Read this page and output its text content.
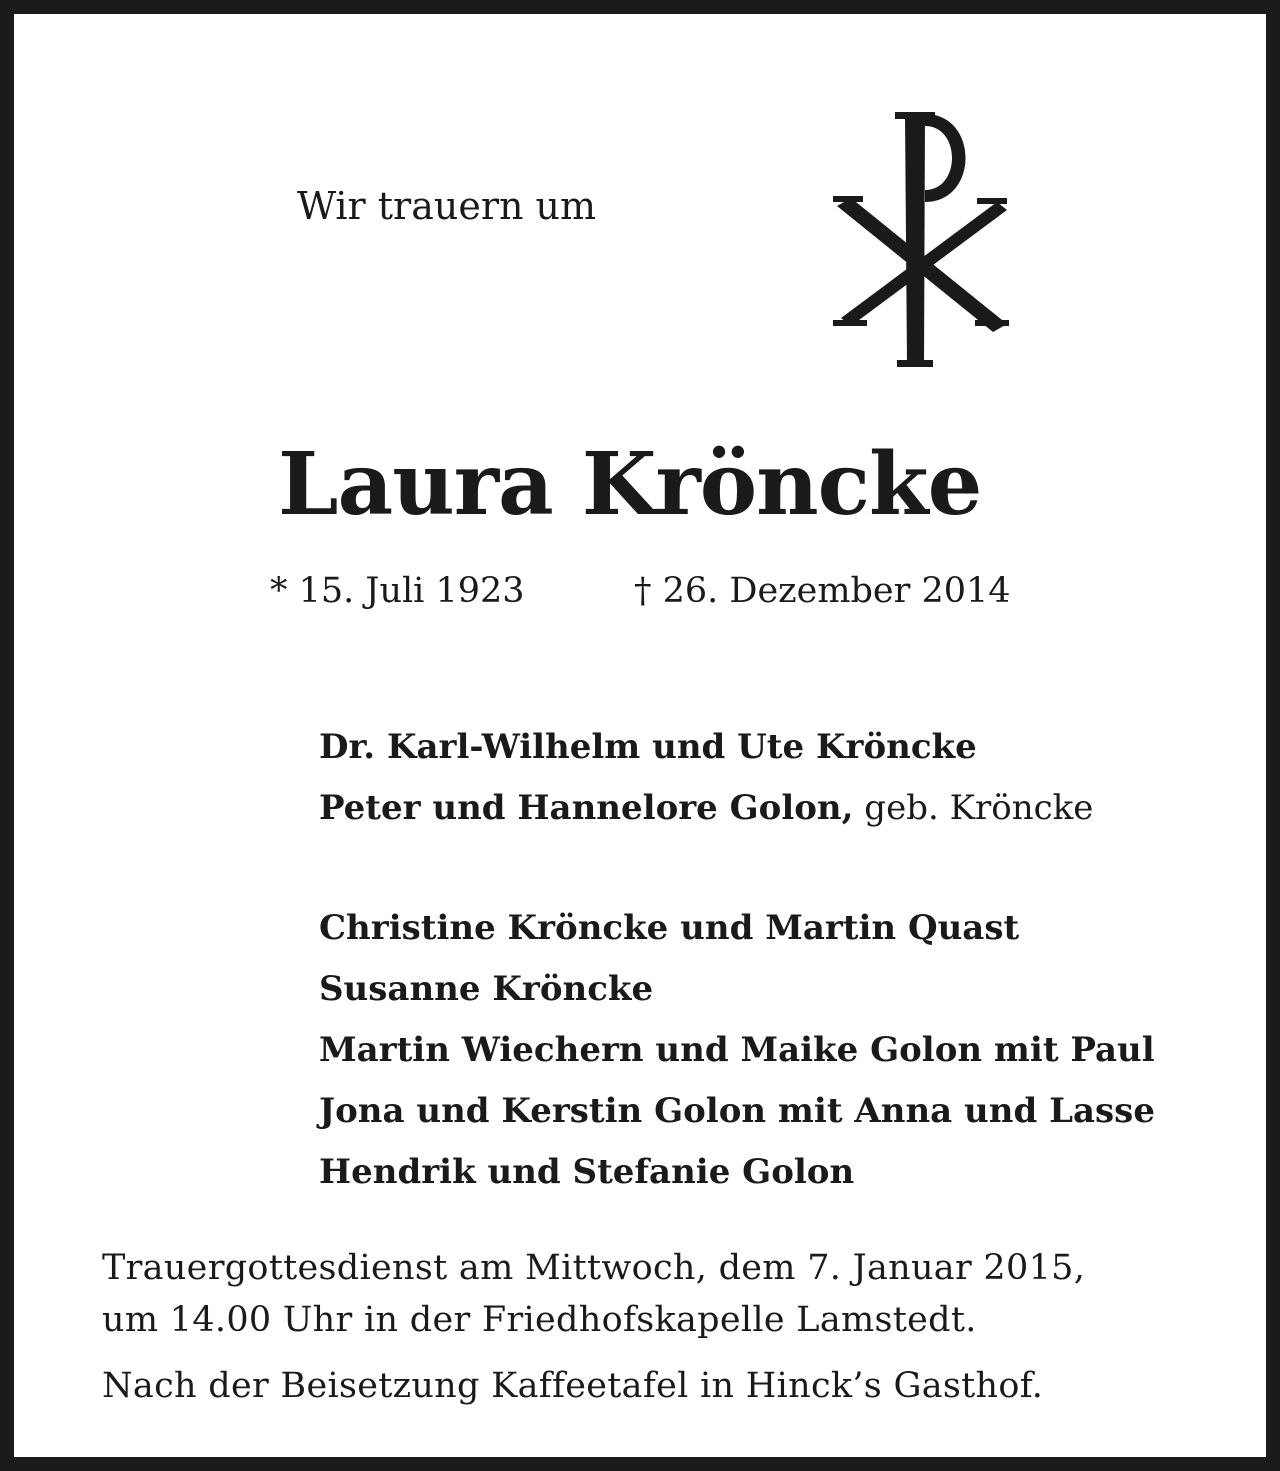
Wir trauern um
Laura Kröncke
* 15. Juli 1923	† 26. Dezember 2014
Dr. Karl-Wilhelm und Ute Kröncke
Peter und Hannelore Golon, geb. Kröncke
Christine Kröncke und Martin Quast
Susanne Kröncke
Martin Wiechern und Maike Golon mit Paul
Jona und Kerstin Golon mit Anna und Lasse
Hendrik und Stefanie Golon
Trauergottesdienst am Mittwoch, dem 7. Januar 2015,
um 14.00 Uhr in der Friedhofskapelle Lamstedt.
Nach der Beisetzung Kaffeetafel in Hinck’s Gasthof.
